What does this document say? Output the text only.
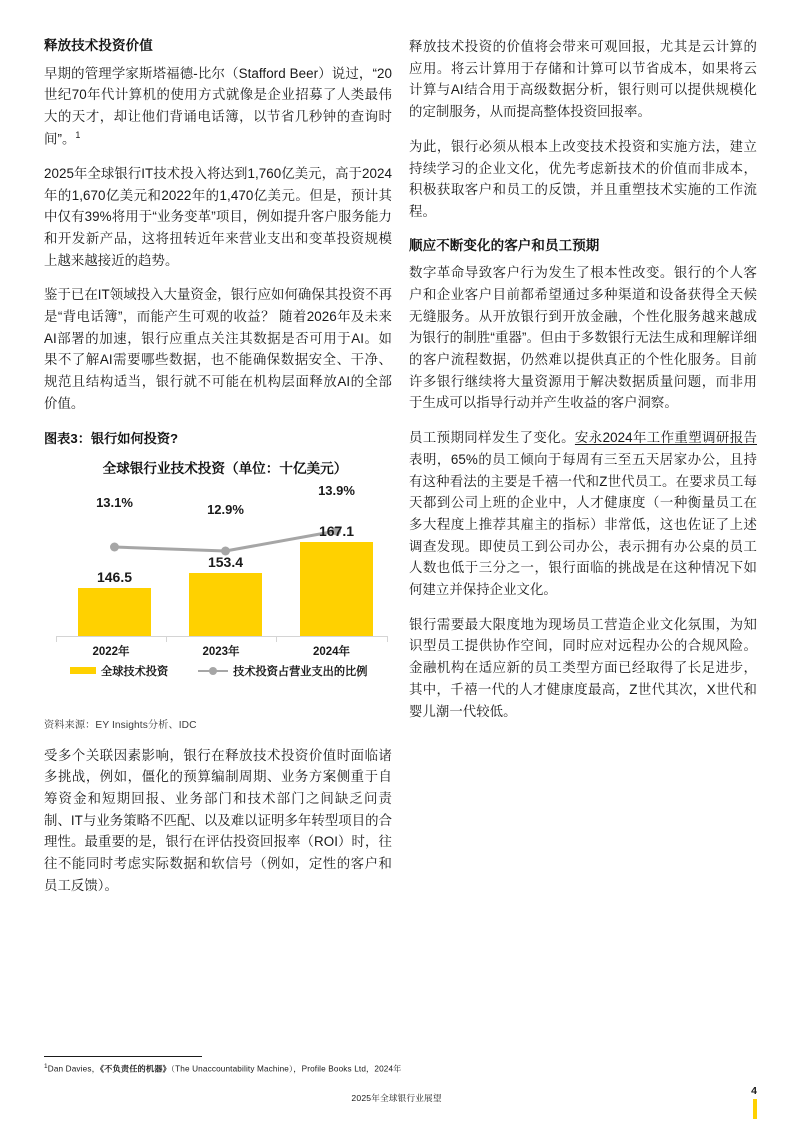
释放技术投资价值

早期的管理学家斯塔福德-比尔（Stafford Beer）说过，“20世纪70年代计算机的使用方式就像是企业招募了人类最伟大的天才，却让他们背诵电话簿，以节省几秒钟的查询时间”。$^1$

2025年全球银行IT技术投入将达到1,760亿美元，高于2024年的1,670亿美元和2022年的1,470亿美元。但是，预计其中仅有39%将用于“业务变革”项目，例如提升客户服务能力和开发新产品，这将扭转近年来营业支出和变革投资规模上越来越接近的趋势。

鉴于已在IT领域投入大量资金，银行应如何确保其投资不再是“背电话簿”，而能产生可观的收益？ 随着2026年及未来AI部署的加速，银行应重点关注其数据是否可用于AI。如果不了解AI需要哪些数据，也不能确保数据安全、干净、规范且结构适当，银行就不可能在机构层面释放AI的全部价值。

图表3：银行如何投资?
全球银行业技术投资（单位：十亿美元）
146.5
153.4
167.1
13.1%	12.9%
13.9%
2022年	2023年	2024年
全球技术投资	技术投资占营业支出的比例
资料来源：EY Insights分析、IDC

受多个关联因素影响，银行在释放技术投资价值时面临诸多挑战，例如，僵化的预算编制周期、业务方案侧重于自筹资金和短期回报、业务部门和技术部门之间缺乏问责制、IT与业务策略不匹配、以及难以证明多年转型项目的合理性。最重要的是，银行在评估投资回报率（ROI）时，往往不能同时考虑实际数据和软信号（例如，定性的客户和员工反馈）。

释放技术投资的价值将会带来可观回报，尤其是云计算的应用。将云计算用于存储和计算可以节省成本，如果将云计算与AI结合用于高级数据分析，银行则可以提供规模化的定制服务，从而提高整体投资回报率。

为此，银行必须从根本上改变技术投资和实施方法，建立持续学习的企业文化，优先考虑新技术的价值而非成本，积极获取客户和员工的反馈，并且重塑技术实施的工作流程。

顺应不断变化的客户和员工预期

数字革命导致客户行为发生了根本性改变。银行的个人客户和企业客户目前都希望通过多种渠道和设备获得全天候无缝服务。从开放银行到开放金融，个性化服务越来越成为银行的制胜“重器”。但由于多数银行无法生成和理解详细的客户流程数据，仍然难以提供真正的个性化服务。目前许多银行继续将大量资源用于解决数据质量问题，而非用于生成可以指导行动并产生收益的客户洞察。

员工预期同样发生了变化。安永2024年工作重塑调研报告表明，65%的员工倾向于每周有三至五天居家办公，且持有这种看法的主要是千禧一代和Z世代员工。在要求员工每天都到公司上班的企业中，人才健康度（一种衡量员工在多大程度上推荐其雇主的指标）非常低，这也佐证了上述调查发现。即使员工到公司办公，表示拥有办公桌的员工人数也低于三分之一，银行面临的挑战是在这种情况下如何建立并保持企业文化。

银行需要最大限度地为现场员工营造企业文化氛围，为知识型员工提供协作空间，同时应对远程办公的合规风险。金融机构在适应新的员工类型方面已经取得了长足进步，其中，千禧一代的人才健康度最高，Z世代其次，X世代和婴儿潮一代较低。

$^1$Dan Davies，《不负责任的机器》（The Unaccountability Machine），Profile Books Ltd，2024年
2025年全球银行业展望
4
